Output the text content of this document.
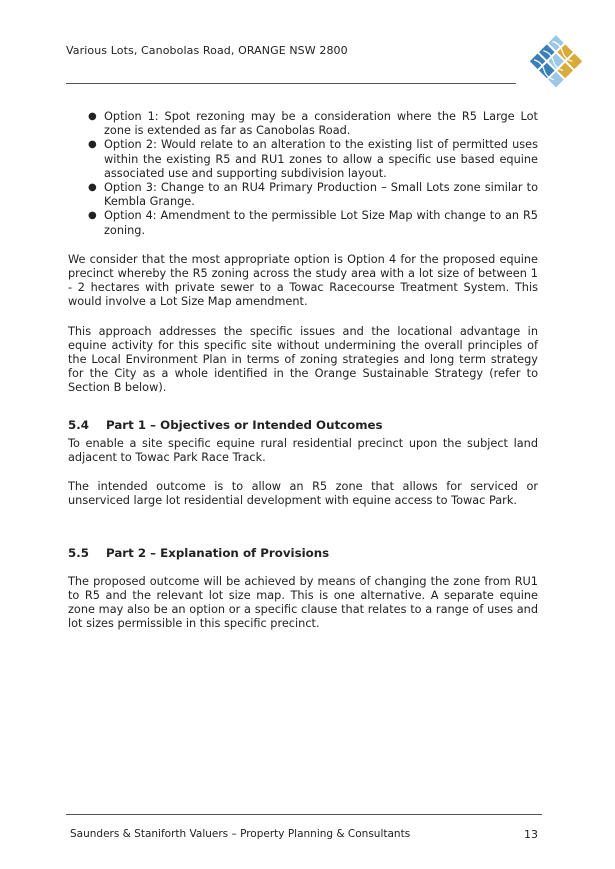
Various Lots, Canobolas Road, ORANGE NSW 2800
● Option 1: Spot rezoning may be a consideration where the R5 Large Lot zone is extended as far as Canobolas Road.
● Option 2: Would relate to an alteration to the existing list of permitted uses within the existing R5 and RU1 zones to allow a specific use based equine associated use and supporting subdivision layout.
● Option 3: Change to an RU4 Primary Production – Small Lots zone similar to Kembla Grange.
● Option 4: Amendment to the permissible Lot Size Map with change to an R5 zoning.

We consider that the most appropriate option is Option 4 for the proposed equine precinct whereby the R5 zoning across the study area with a lot size of between 1 - 2 hectares with private sewer to a Towac Racecourse Treatment System. This would involve a Lot Size Map amendment.

This approach addresses the specific issues and the locational advantage in equine activity for this specific site without undermining the overall principles of the Local Environment Plan in terms of zoning strategies and long term strategy for the City as a whole identified in the Orange Sustainable Strategy (refer to Section B below).

5.4 Part 1 – Objectives or Intended Outcomes

To enable a site specific equine rural residential precinct upon the subject land adjacent to Towac Park Race Track.

The intended outcome is to allow an R5 zone that allows for serviced or unserviced large lot residential development with equine access to Towac Park.

5.5 Part 2 – Explanation of Provisions

The proposed outcome will be achieved by means of changing the zone from RU1 to R5 and the relevant lot size map. This is one alternative. A separate equine zone may also be an option or a specific clause that relates to a range of uses and lot sizes permissible in this specific precinct.

Saunders & Staniforth Valuers – Property Planning & Consultants	13
